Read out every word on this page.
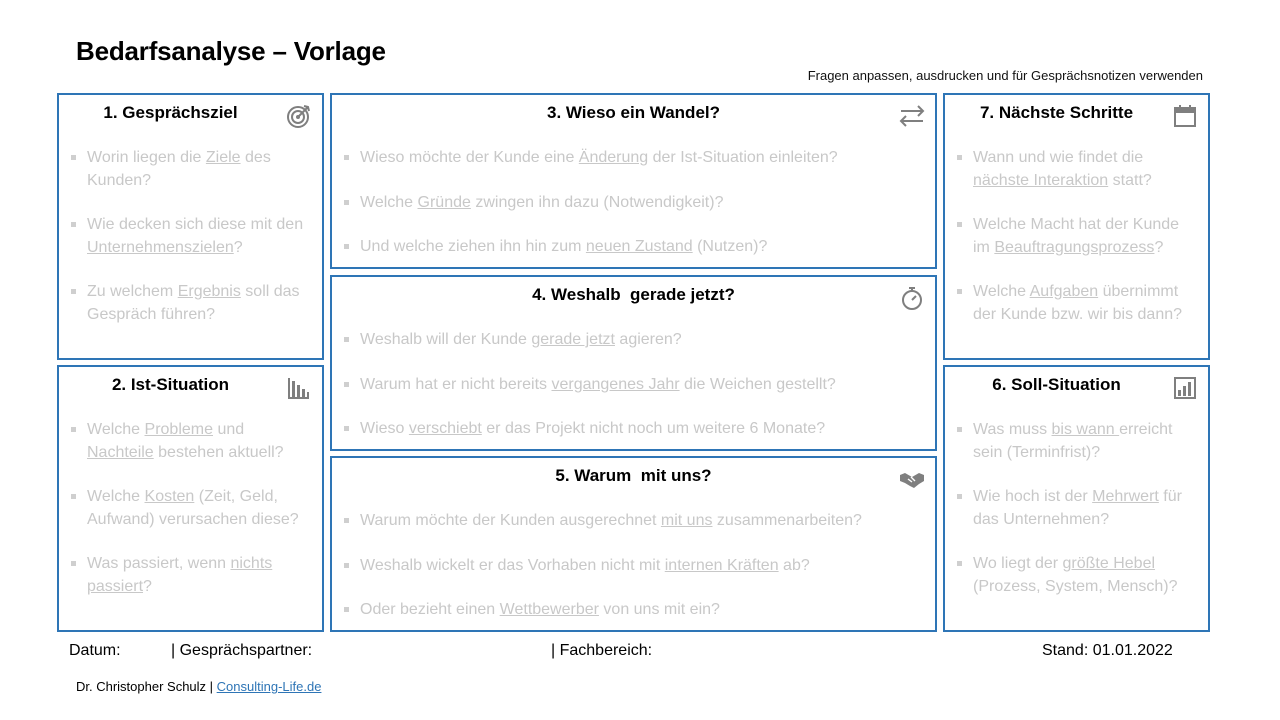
Bedarfsanalyse – Vorlage
Fragen anpassen, ausdrucken und für Gesprächsnotizen verwenden
1. Gesprächsziel
Worin liegen die Ziele des Kunden?
Wie decken sich diese mit den Unternehmenszielen?
Zu welchem Ergebnis soll das Gespräch führen?
2. Ist-Situation
Welche Probleme und Nachteile bestehen aktuell?
Welche Kosten (Zeit, Geld, Aufwand) verursachen diese?
Was passiert, wenn nichts passiert?
3. Wieso ein Wandel?
Wieso möchte der Kunde eine Änderung der Ist-Situation einleiten?
Welche Gründe zwingen ihn dazu (Notwendigkeit)?
Und welche ziehen ihn hin zum neuen Zustand (Nutzen)?
4. Weshalb  gerade jetzt?
Weshalb will der Kunde gerade jetzt agieren?
Warum hat er nicht bereits vergangenes Jahr die Weichen gestellt?
Wieso verschiebt er das Projekt nicht noch um weitere 6 Monate?
5. Warum  mit uns?
Warum möchte der Kunden ausgerechnet mit uns zusammenarbeiten?
Weshalb wickelt er das Vorhaben nicht mit internen Kräften ab?
Oder bezieht einen Wettbewerber von uns mit ein?
6. Soll-Situation
Was muss bis wann erreicht sein (Terminfrist)?
Wie hoch ist der Mehrwert für das Unternehmen?
Wo liegt der größte Hebel (Prozess, System, Mensch)?
7. Nächste Schritte
Wann und wie findet die nächste Interaktion statt?
Welche Macht hat der Kunde im Beauftragungsprozess?
Welche Aufgaben übernimmt der Kunde bzw. wir bis dann?
Datum:	| Gesprächspartner:	| Fachbereich:	Stand: 01.01.2022
Dr. Christopher Schulz | Consulting-Life.de
